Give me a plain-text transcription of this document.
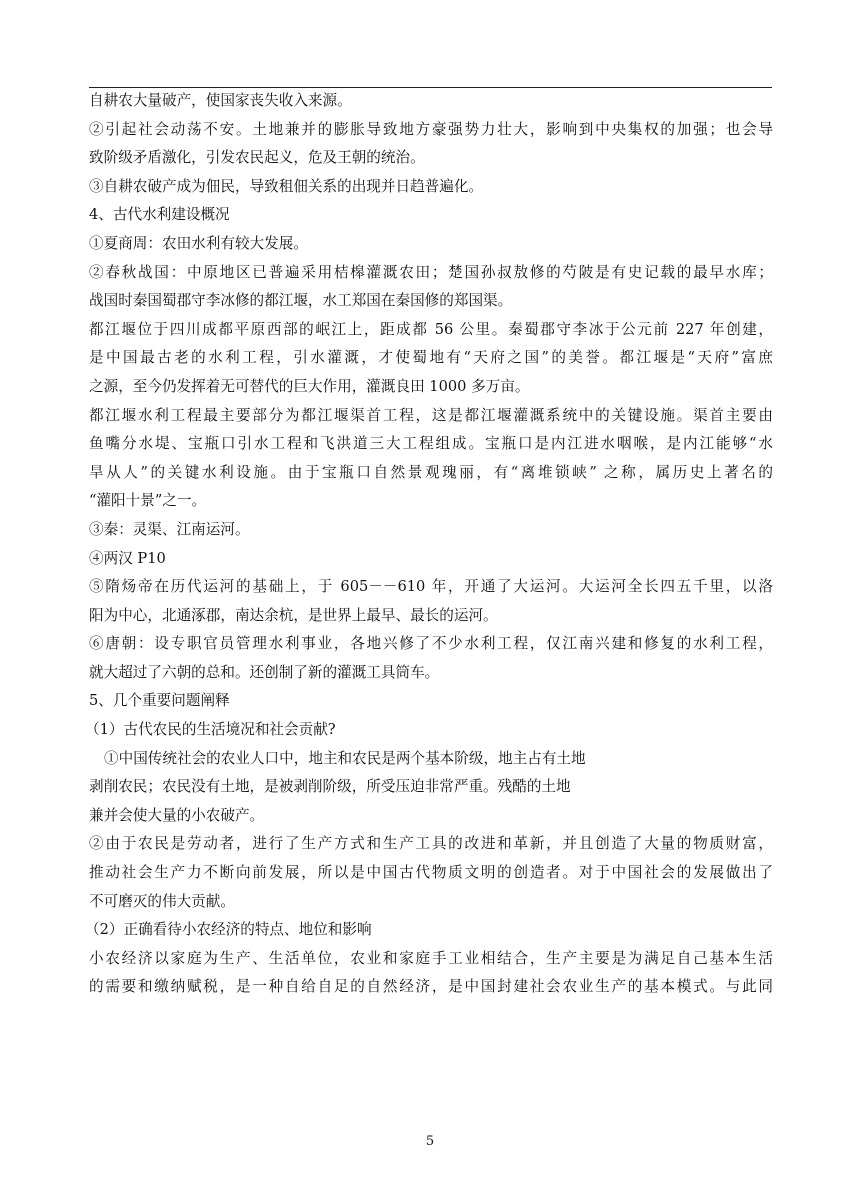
自耕农大量破产，使国家丧失收入来源。
②引起社会动荡不安。土地兼并的膨胀导致地方豪强势力壮大，影响到中央集权的加强；也会导
致阶级矛盾激化，引发农民起义，危及王朝的统治。
③自耕农破产成为佃民，导致租佃关系的出现并日趋普遍化。
4、古代水利建设概况
①夏商周：农田水利有较大发展。
②春秋战国：中原地区已普遍采用桔槔灌溉农田；楚国孙叔敖修的芍陂是有史记载的最早水库；
战国时秦国蜀郡守李冰修的都江堰，水工郑国在秦国修的郑国渠。
都江堰位于四川成都平原西部的岷江上，距成都 56 公里。秦蜀郡守李冰于公元前 227 年创建，
是中国最古老的水利工程，引水灌溉，才使蜀地有“天府之国”的美誉。都江堰是“天府”富庶
之源，至今仍发挥着无可替代的巨大作用，灌溉良田 1000 多万亩。
都江堰水利工程最主要部分为都江堰渠首工程，这是都江堰灌溉系统中的关键设施。渠首主要由
鱼嘴分水堤、宝瓶口引水工程和飞洪道三大工程组成。宝瓶口是内江进水咽喉，是内江能够“水
旱从人”的关键水利设施。由于宝瓶口自然景观瑰丽，有“离堆锁峡” 之称，属历史上著名的
“灌阳十景”之一。
③秦：灵渠、江南运河。
④两汉 P10
⑤隋炀帝在历代运河的基础上，于 605－－610 年，开通了大运河。大运河全长四五千里，以洛
阳为中心，北通涿郡，南达余杭，是世界上最早、最长的运河。
⑥唐朝：设专职官员管理水利事业，各地兴修了不少水利工程，仅江南兴建和修复的水利工程，
就大超过了六朝的总和。还创制了新的灌溉工具筒车。
5、几个重要问题阐释
（1）古代农民的生活境况和社会贡献?
①中国传统社会的农业人口中，地主和农民是两个基本阶级，地主占有土地
剥削农民；农民没有土地，是被剥削阶级，所受压迫非常严重。残酷的土地
兼并会使大量的小农破产。
②由于农民是劳动者，进行了生产方式和生产工具的改进和革新，并且创造了大量的物质财富，
推动社会生产力不断向前发展，所以是中国古代物质文明的创造者。对于中国社会的发展做出了
不可磨灭的伟大贡献。
（2）正确看待小农经济的特点、地位和影响
小农经济以家庭为生产、生活单位，农业和家庭手工业相结合，生产主要是为满足自己基本生活
的需要和缴纳赋税，是一种自给自足的自然经济，是中国封建社会农业生产的基本模式。与此同
5
